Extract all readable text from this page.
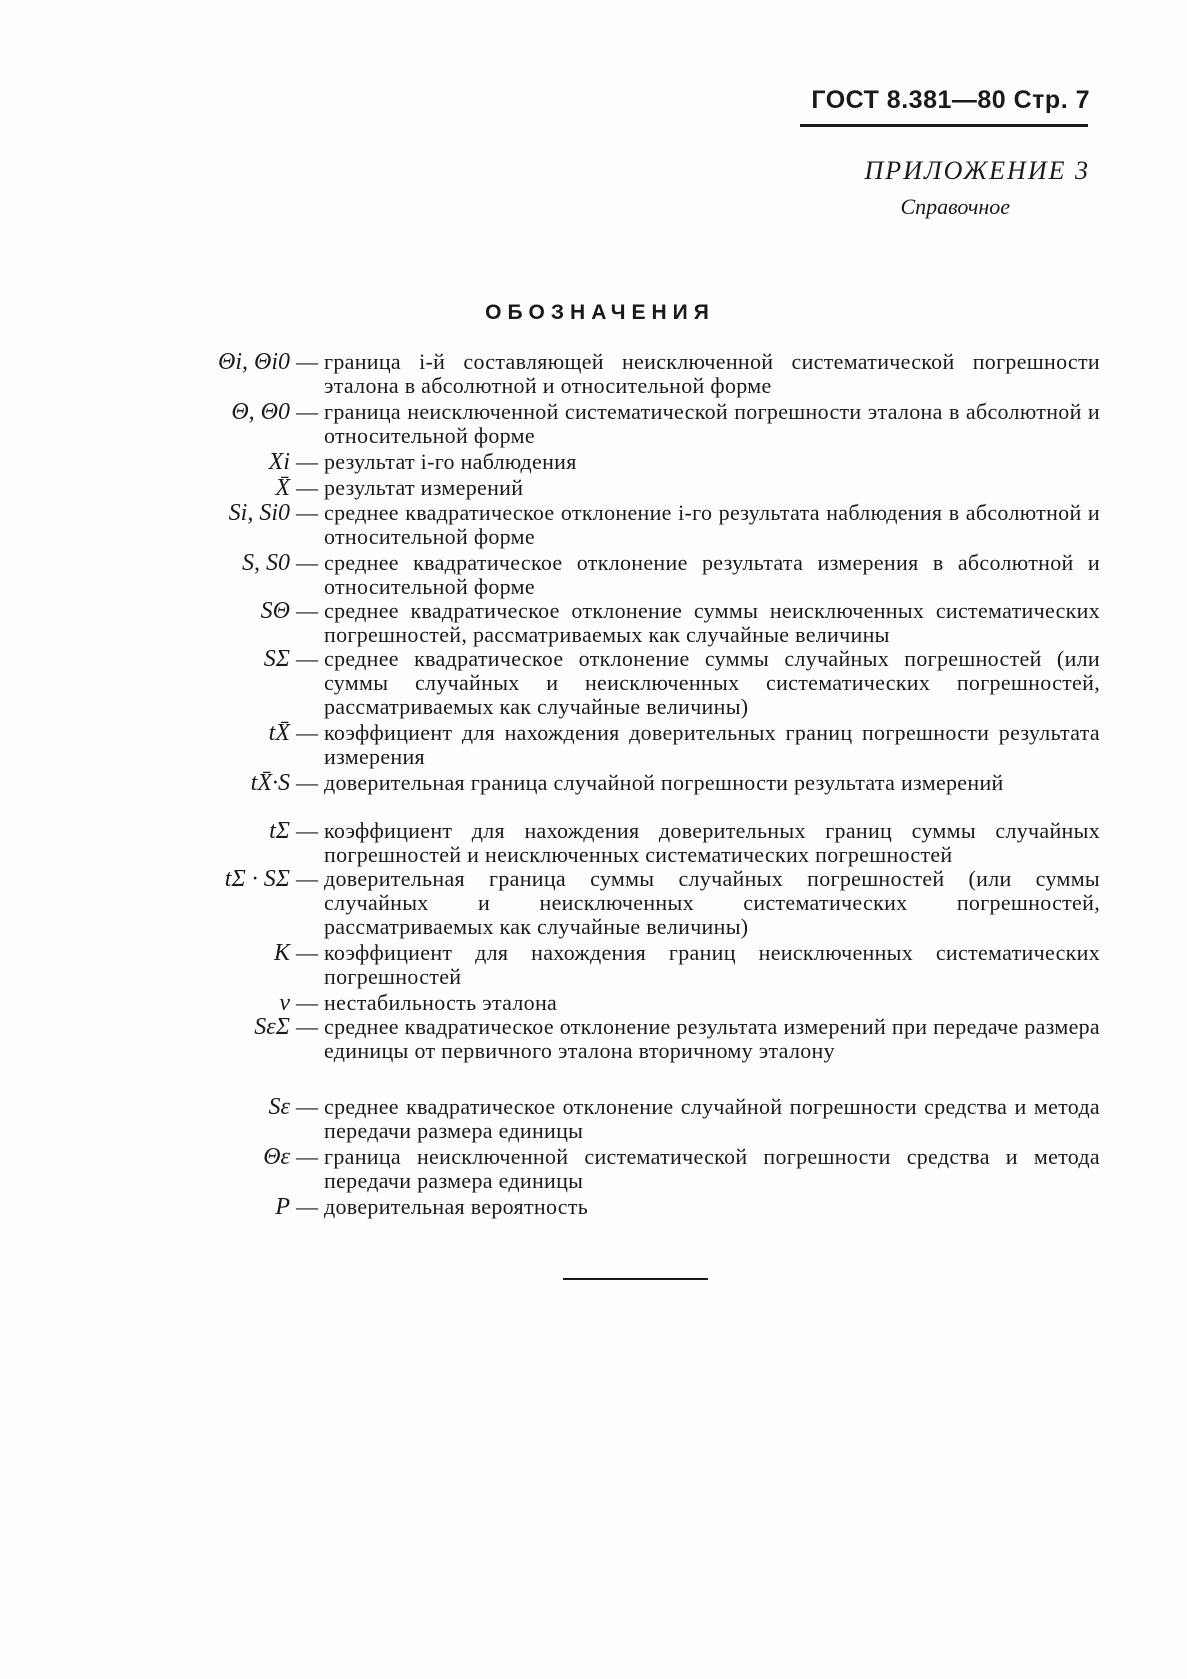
ГОСТ 8.381—80 Стр. 7
ПРИЛОЖЕНИЕ 3
Справочное
ОБОЗНАЧЕНИЯ
Θi, Θi0 — граница i-й составляющей неисключенной систематической погрешности эталона в абсолютной и относительной форме
Θ, Θ0 — граница неисключенной систематической погрешности эталона в абсолютной и относительной форме
Xi — результат i-го наблюдения
X̄ — результат измерений
Si, Si0 — среднее квадратическое отклонение i-го результата наблюдения в абсолютной и относительной форме
S, S0 — среднее квадратическое отклонение результата измерения в абсолютной и относительной форме
SΘ — среднее квадратическое отклонение суммы неисключенных систематических погрешностей, рассматриваемых как случайные величины
SΣ — среднее квадратическое отклонение суммы случайных погрешностей (или суммы случайных и неисключенных систематических погрешностей, рассматриваемых как случайные величины)
tX̄ — коэффициент для нахождения доверительных границ погрешности результата измерения
tX̄·S — доверительная граница случайной погрешности результата измерений
tΣ — коэффициент для нахождения доверительных границ суммы случайных погрешностей и неисключенных систематических погрешностей
tΣ · SΣ — доверительная граница суммы случайных погрешностей (или суммы случайных и неисключенных систематических погрешностей, рассматриваемых как случайные величины)
K — коэффициент для нахождения границ неисключенных систематических погрешностей
ν — нестабильность эталона
SεΣ — среднее квадратическое отклонение результата измерений при передаче размера единицы от первичного эталона вторичному эталону
Sε — среднее квадратическое отклонение случайной погрешности средства и метода передачи размера единицы
Θε — граница неисключенной систематической погрешности средства и метода передачи размера единицы
P — доверительная вероятность
